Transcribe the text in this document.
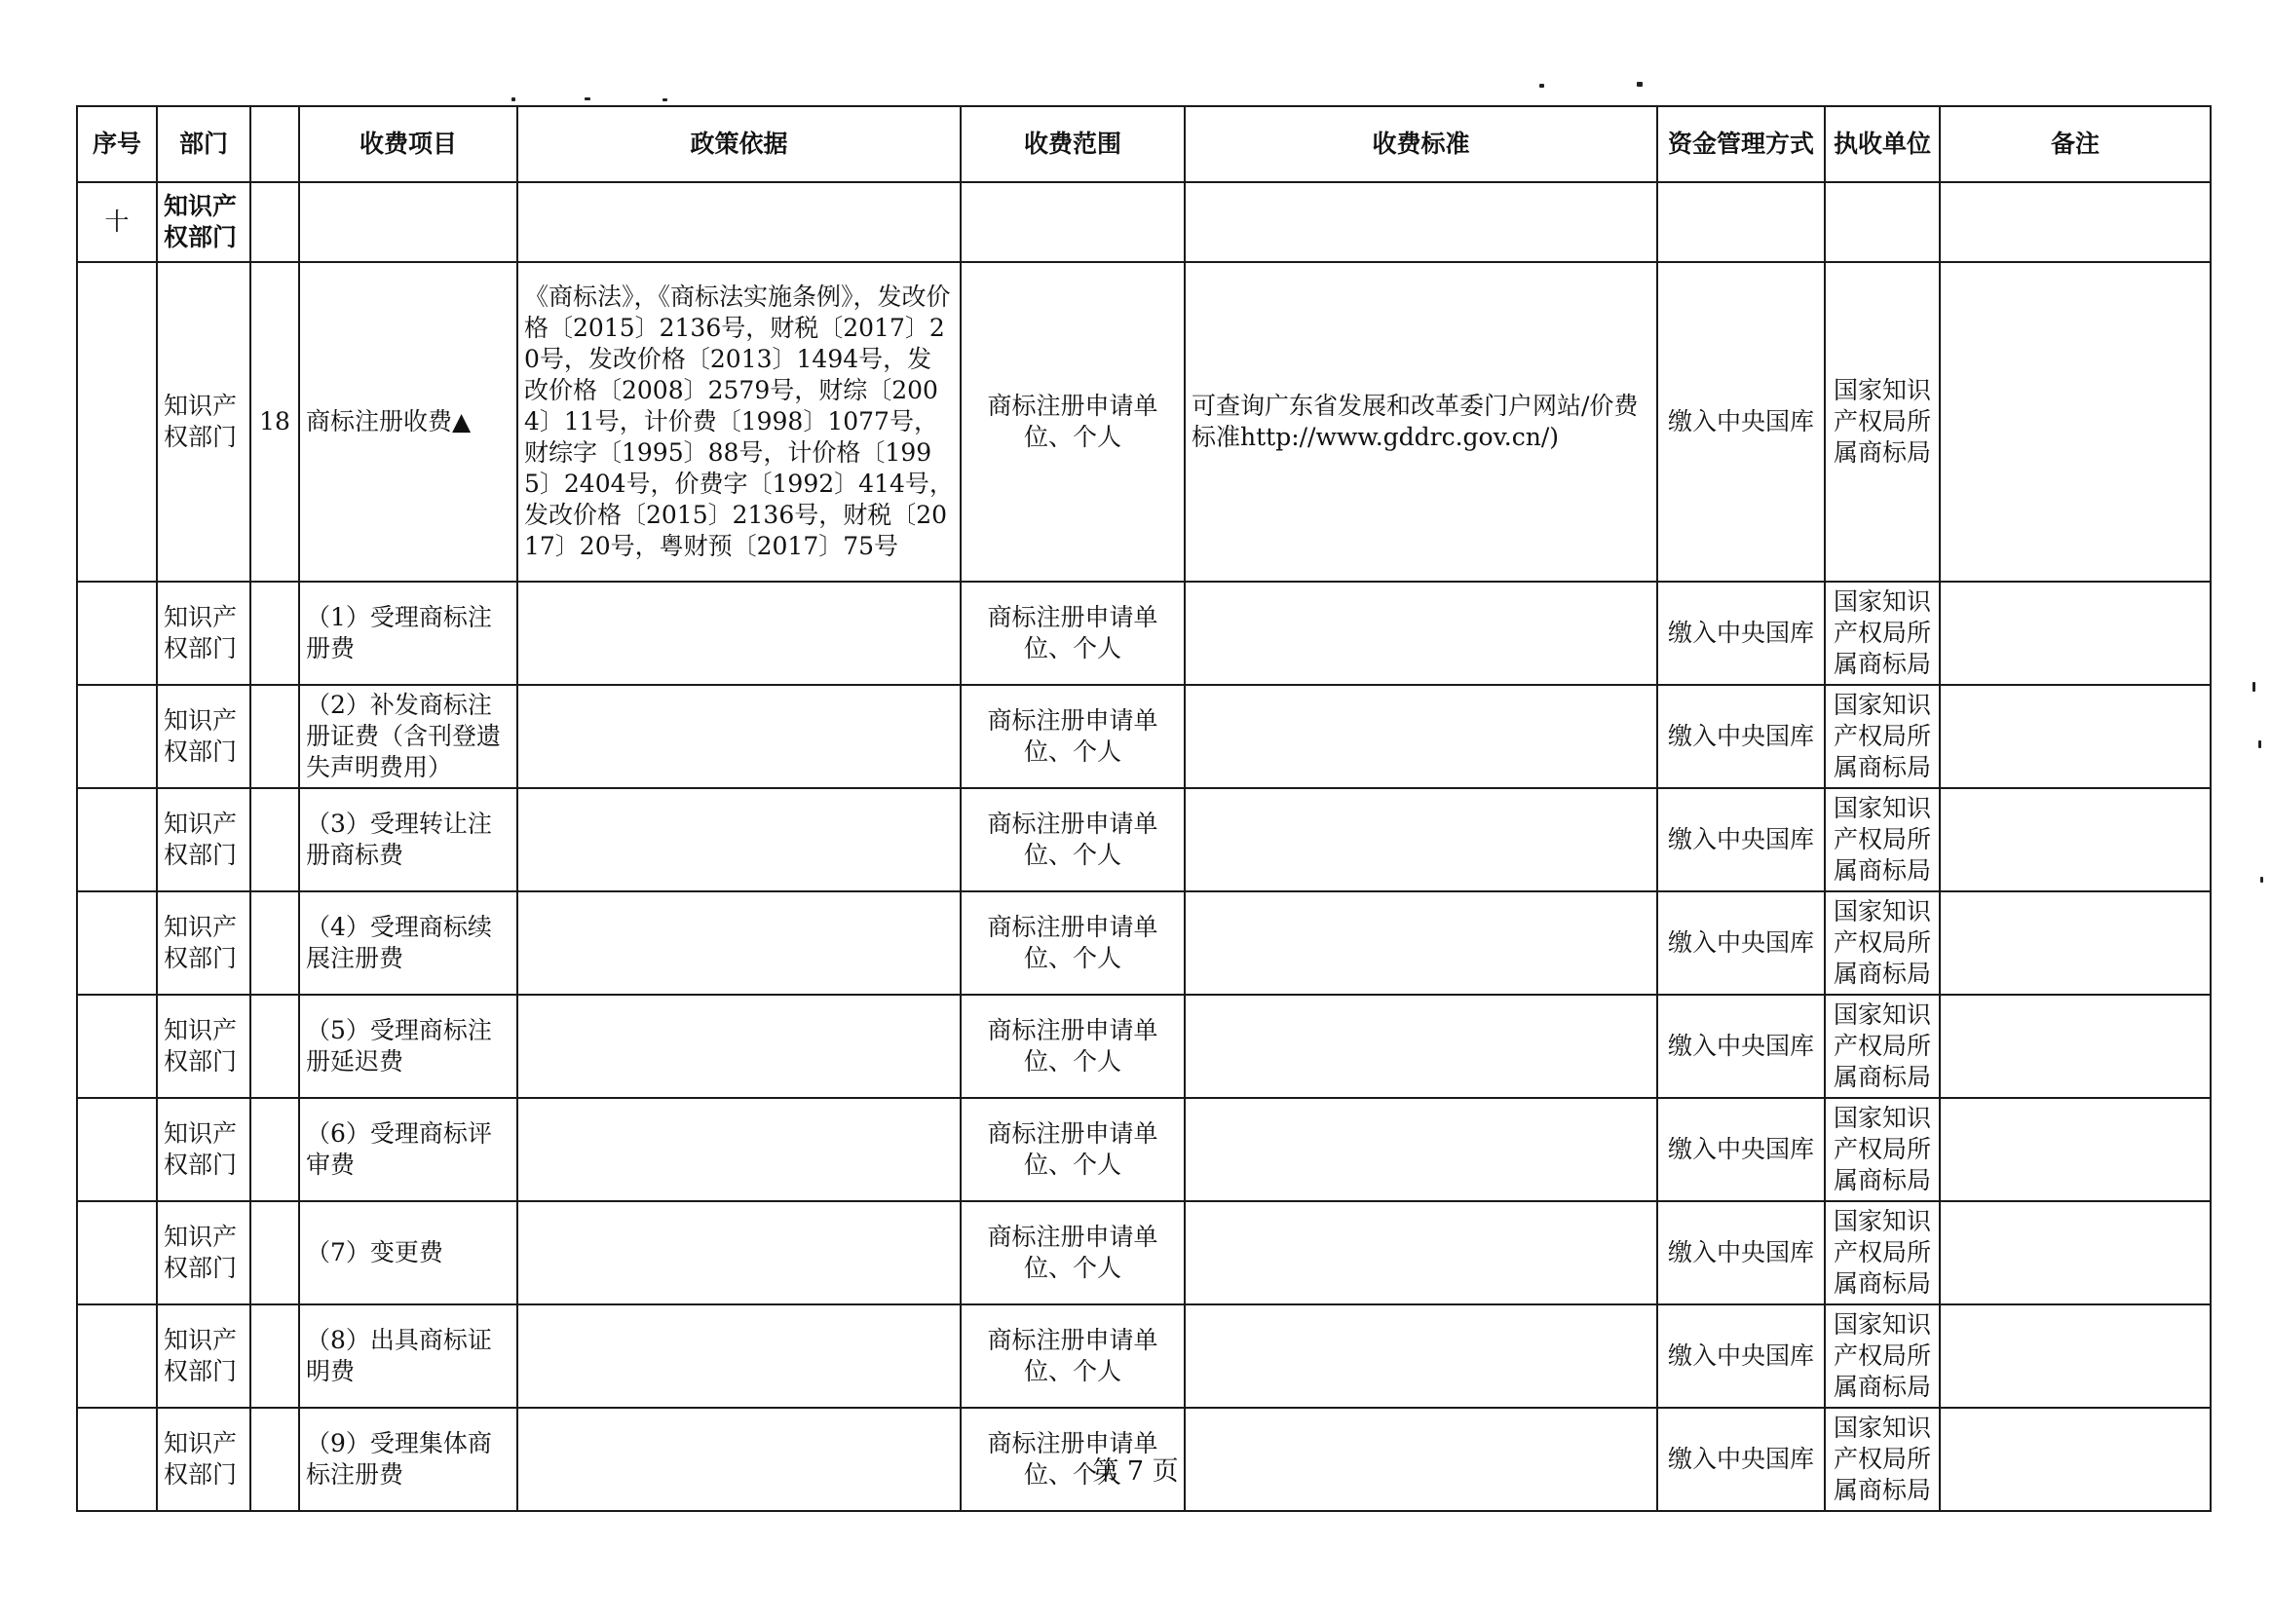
序号	部门		收费项目	政策依据	收费范围	收费标准	资金管理方式	执收单位	备注
十	知识产权部门								
	知识产权部门	18	商标注册收费▲	《商标法》，《商标法实施条例》，发改价格〔2015〕2136号，财税〔2017〕20号，发改价格〔2013〕1494号，发改价格〔2008〕2579号，财综〔2004〕11号，计价费〔1998〕1077号，财综字〔1995〕88号，计价格〔1995〕2404号，价费字〔1992〕414号，发改价格〔2015〕2136号，财税〔2017〕20号，粤财预〔2017〕75号	商标注册申请单位、个人	可查询广东省发展和改革委门户网站/价费标准http://www.gddrc.gov.cn/)	缴入中央国库	国家知识产权局所属商标局	
	知识产权部门		（1）受理商标注册费		商标注册申请单位、个人		缴入中央国库	国家知识产权局所属商标局	
	知识产权部门		（2）补发商标注册证费（含刊登遗失声明费用）		商标注册申请单位、个人		缴入中央国库	国家知识产权局所属商标局	
	知识产权部门		（3）受理转让注册商标费		商标注册申请单位、个人		缴入中央国库	国家知识产权局所属商标局	
	知识产权部门		（4）受理商标续展注册费		商标注册申请单位、个人		缴入中央国库	国家知识产权局所属商标局	
	知识产权部门		（5）受理商标注册延迟费		商标注册申请单位、个人		缴入中央国库	国家知识产权局所属商标局	
	知识产权部门		（6）受理商标评审费		商标注册申请单位、个人		缴入中央国库	国家知识产权局所属商标局	
	知识产权部门		（7）变更费		商标注册申请单位、个人		缴入中央国库	国家知识产权局所属商标局	
	知识产权部门		（8）出具商标证明费		商标注册申请单位、个人		缴入中央国库	国家知识产权局所属商标局	
	知识产权部门		（9）受理集体商标注册费		商标注册申请单位、个人		缴入中央国库	国家知识产权局所属商标局	
第 7 页
